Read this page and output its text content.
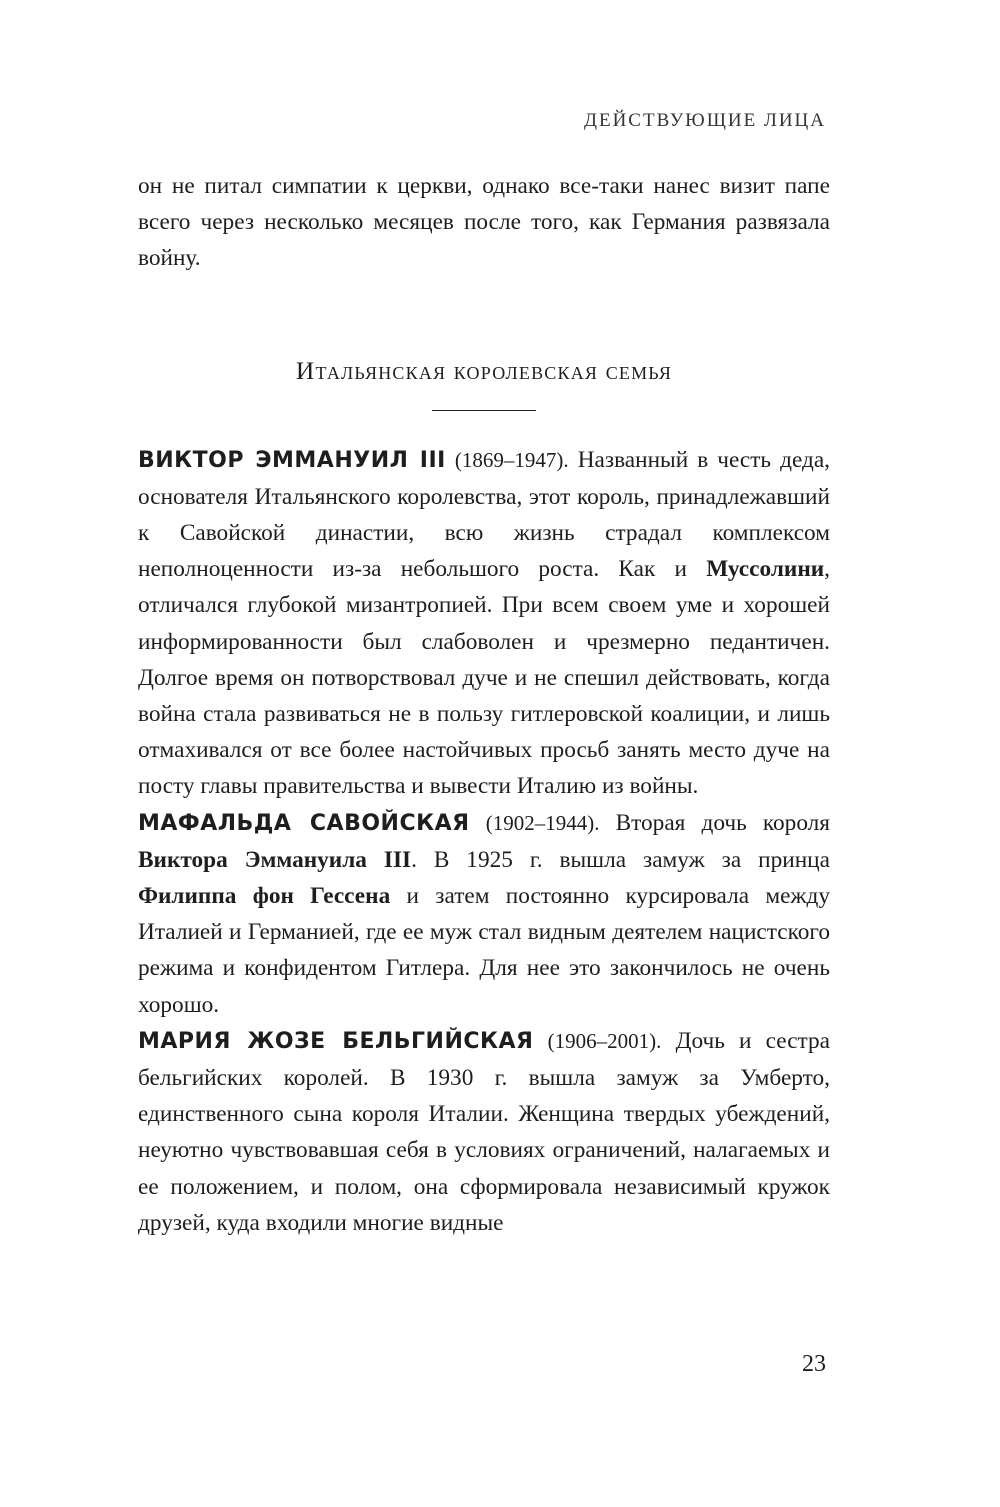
ДЕЙСТВУЮЩИЕ ЛИЦА

он не питал симпатии к церкви, однако все-таки нанес визит папе всего через несколько месяцев после того, как Германия развязала войну.

Итальянская королевская семья

ВИКТОР ЭММАНУИЛ III (1869–1947). Названный в честь деда, основателя Итальянского королевства, этот король, принадлежавший к Савойской династии, всю жизнь страдал комплексом неполноценности из-за небольшого роста. Как и Муссолини, отличался глубокой мизантропией. При всем своем уме и хорошей информированности был слабоволен и чрезмерно педантичен. Долгое время он потворствовал дуче и не спешил действовать, когда война стала развиваться не в пользу гитлеровской коалиции, и лишь отмахивался от все более настойчивых просьб занять место дуче на посту главы правительства и вывести Италию из войны.

МАФАЛЬДА САВОЙСКАЯ (1902–1944). Вторая дочь короля Виктора Эммануила III. В 1925 г. вышла замуж за принца Филиппа фон Гессена и затем постоянно курсировала между Италией и Германией, где ее муж стал видным деятелем нацистского режима и конфидентом Гитлера. Для нее это закончилось не очень хорошо.

МАРИЯ ЖОЗЕ БЕЛЬГИЙСКАЯ (1906–2001). Дочь и сестра бельгийских королей. В 1930 г. вышла замуж за Умберто, единственного сына короля Италии. Женщина твердых убеждений, неуютно чувствовавшая себя в условиях ограничений, налагаемых и ее положением, и полом, она сформировала независимый кружок друзей, куда входили многие видные

23
